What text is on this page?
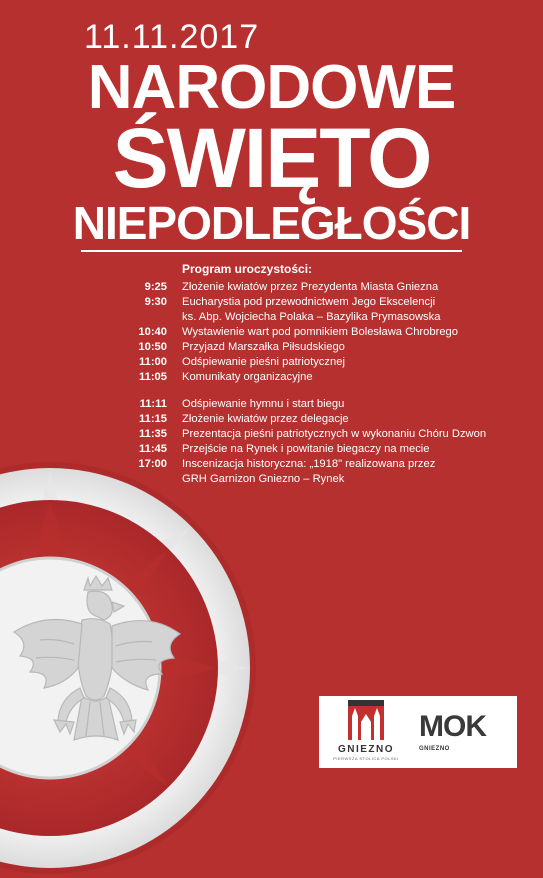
11.11.2017
NARODOWE
ŚWIĘTO
NIEPODLEGŁOŚCI
Program uroczystości:
9:25 Złożenie kwiatów przez Prezydenta Miasta Gniezna
9:30 Eucharystia pod przewodnictwem Jego Ekscelencji
ks. Abp. Wojciecha Polaka – Bazylika Prymasowska
10:40 Wystawienie wart pod pomnikiem Bolesława Chrobrego
10:50 Przyjazd Marszałka Piłsudskiego
11:00 Odśpiewanie pieśni patriotycznej
11:05 Komunikaty organizacyjne
11:11 Odśpiewanie hymnu i start biegu
11:15 Złożenie kwiatów przez delegacje
11:35 Prezentacja pieśni patriotycznych w wykonaniu Chóru Dzwon
11:45 Przejście na Rynek i powitanie biegaczy na mecie
17:00 Inscenizacja historyczna: „1918" realizowana przez
GRH Garnizon Gniezno – Rynek
GNIEZNO
PIERWSZA STOLICA POLSKI
MOK
GNIEZNO
